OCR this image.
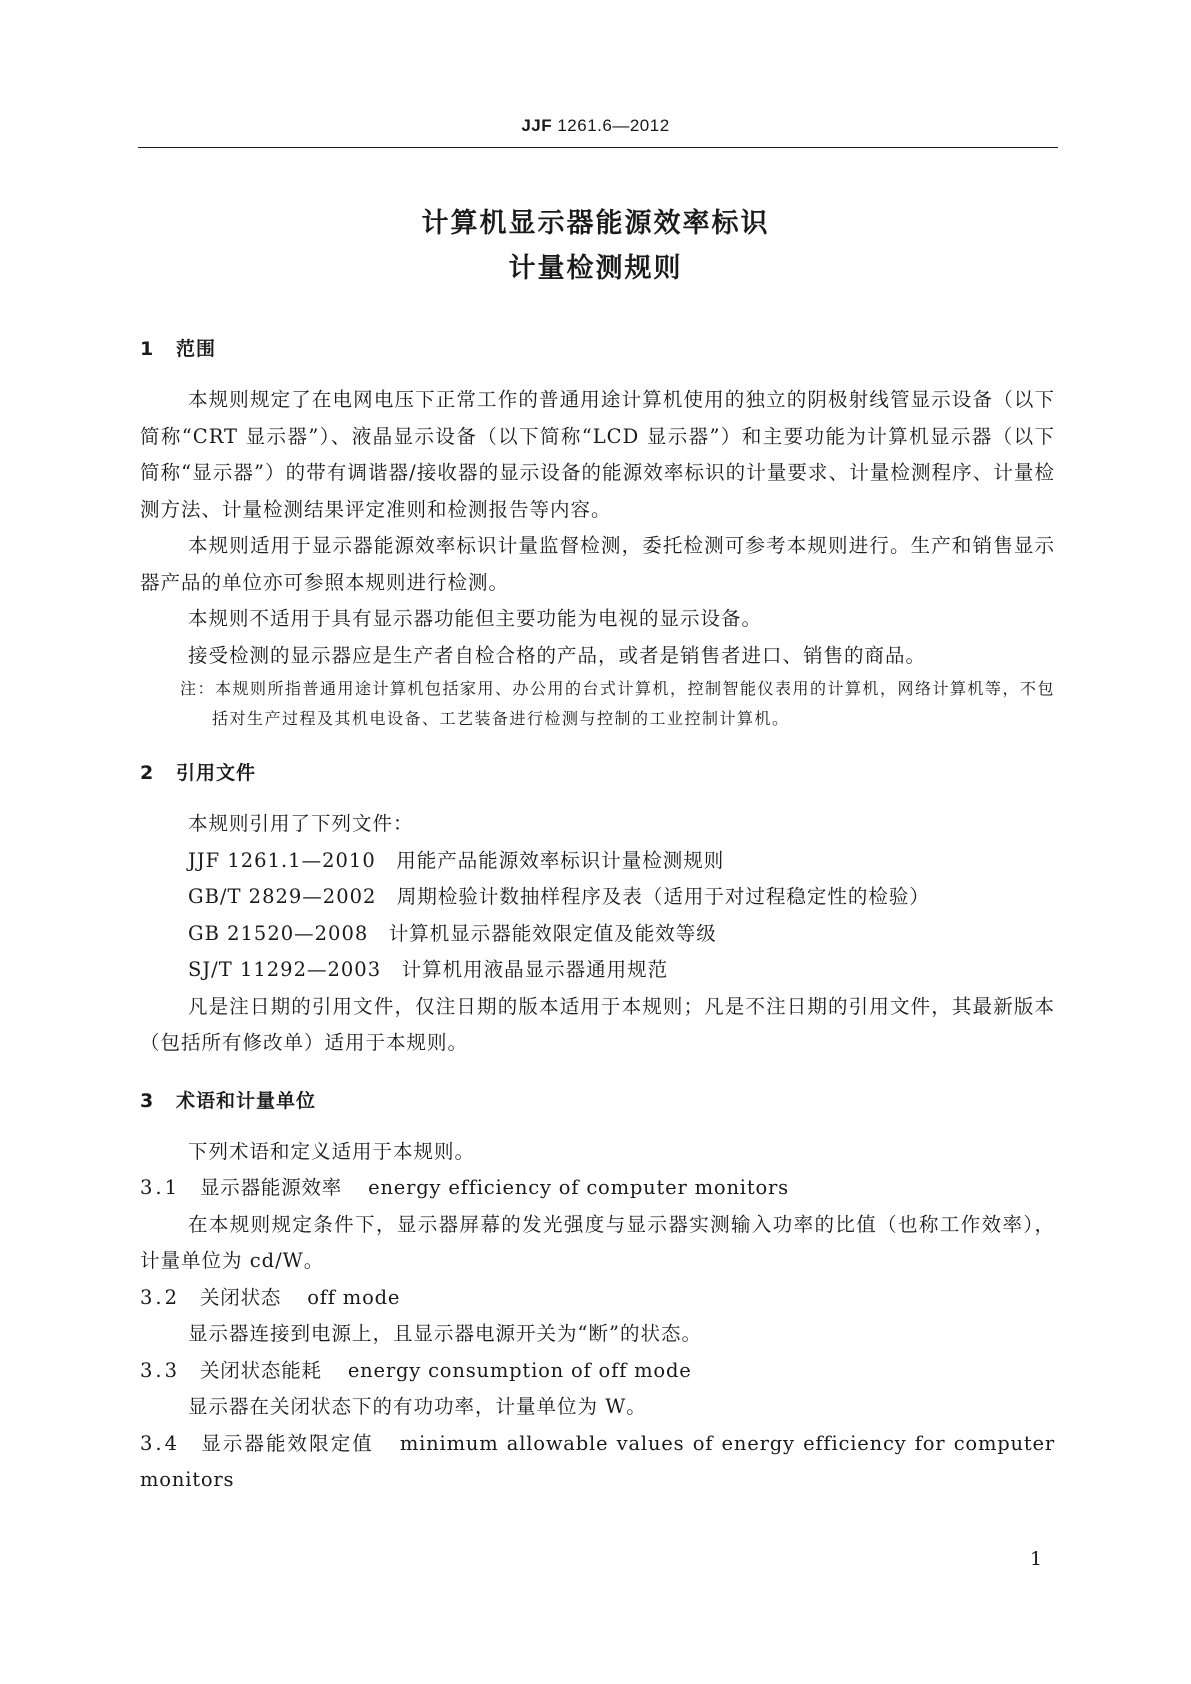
JJF 1261.6—2012
计算机显示器能源效率标识
计量检测规则
1 范围

本规则规定了在电网电压下正常工作的普通用途计算机使用的独立的阴极射线管显示设备（以下简称“CRT 显示器”）、液晶显示设备（以下简称“LCD 显示器”）和主要功能为计算机显示器（以下简称“显示器”）的带有调谐器/接收器的显示设备的能源效率标识的计量要求、计量检测程序、计量检测方法、计量检测结果评定准则和检测报告等内容。

本规则适用于显示器能源效率标识计量监督检测，委托检测可参考本规则进行。生产和销售显示器产品的单位亦可参照本规则进行检测。

本规则不适用于具有显示器功能但主要功能为电视的显示设备。

接受检测的显示器应是生产者自检合格的产品，或者是销售者进口、销售的商品。

注：本规则所指普通用途计算机包括家用、办公用的台式计算机，控制智能仪表用的计算机，网络计算机等，不包括对生产过程及其机电设备、工艺装备进行检测与控制的工业控制计算机。

2 引用文件

本规则引用了下列文件：

JJF 1261.1—2010　用能产品能源效率标识计量检测规则

GB/T 2829—2002　周期检验计数抽样程序及表（适用于对过程稳定性的检验）

GB 21520—2008　计算机显示器能效限定值及能效等级

SJ/T 11292—2003　计算机用液晶显示器通用规范

凡是注日期的引用文件，仅注日期的版本适用于本规则；凡是不注日期的引用文件，其最新版本（包括所有修改单）适用于本规则。

3 术语和计量单位

下列术语和定义适用于本规则。

3.1 显示器能源效率 energy efficiency of computer monitors

在本规则规定条件下，显示器屏幕的发光强度与显示器实测输入功率的比值（也称工作效率），计量单位为 cd/W。

3.2 关闭状态 off mode

显示器连接到电源上，且显示器电源开关为“断”的状态。

3.3 关闭状态能耗 energy consumption of off mode

显示器在关闭状态下的有功功率，计量单位为 W。

3.4 显示器能效限定值 minimum allowable values of energy efficiency for computer monitors

1
